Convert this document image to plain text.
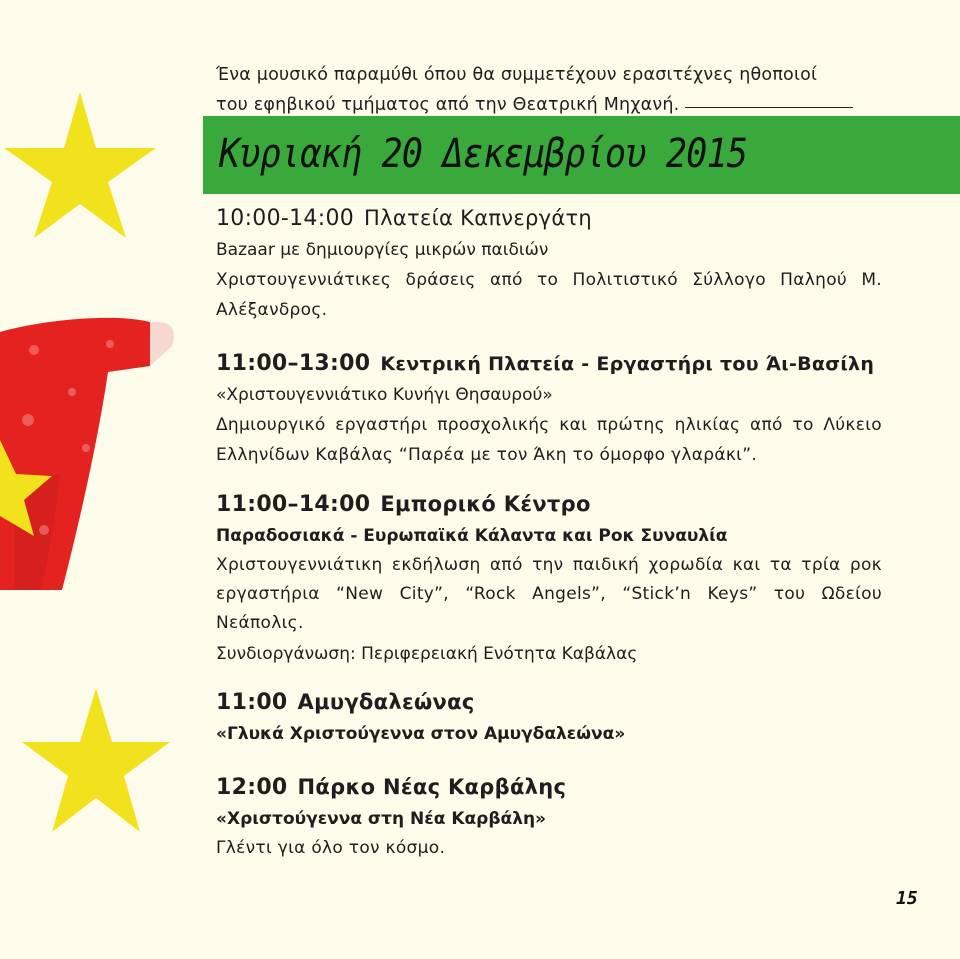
Ένα μουσικό παραμύθι όπου θα συμμετέχουν ερασιτέχνες ηθοποιοί
του εφηβικού τμήματος από την Θεατρική Μηχανή.
Κυριακή 20 Δεκεμβρίου 2015
10:00-14:00 Πλατεία Καπνεργάτη
Bazaar με δημιουργίες μικρών παιδιών
Χριστουγεννιάτικες δράσεις από το Πολιτιστικό Σύλλογο Παληού Μ. Αλέξανδρος.
11:00–13:00 Κεντρική Πλατεία - Εργαστήρι του Άι-Βασίλη
«Χριστουγεννιάτικο Κυνήγι Θησαυρού»
Δημιουργικό εργαστήρι προσχολικής και πρώτης ηλικίας από το Λύκειο Ελληνίδων Καβάλας “Παρέα με τον Άκη το όμορφο γλαράκι”.
11:00–14:00 Εμπορικό Κέντρο
Παραδοσιακά - Ευρωπαϊκά Κάλαντα και Ροκ Συναυλία
Χριστουγεννιάτικη εκδήλωση από την παιδική χορωδία και τα τρία ροκ εργαστήρια “New City”, “Rock Angels”, “Stick’n Keys” του Ωδείου Νεάπολις.
Συνδιοργάνωση: Περιφερειακή Ενότητα Καβάλας
11:00 Αμυγδαλεώνας
«Γλυκά Χριστούγεννα στον Αμυγδαλεώνα»
12:00 Πάρκο Νέας Καρβάλης
«Χριστούγεννα στη Νέα Καρβάλη»
Γλέντι για όλο τον κόσμο.
15
